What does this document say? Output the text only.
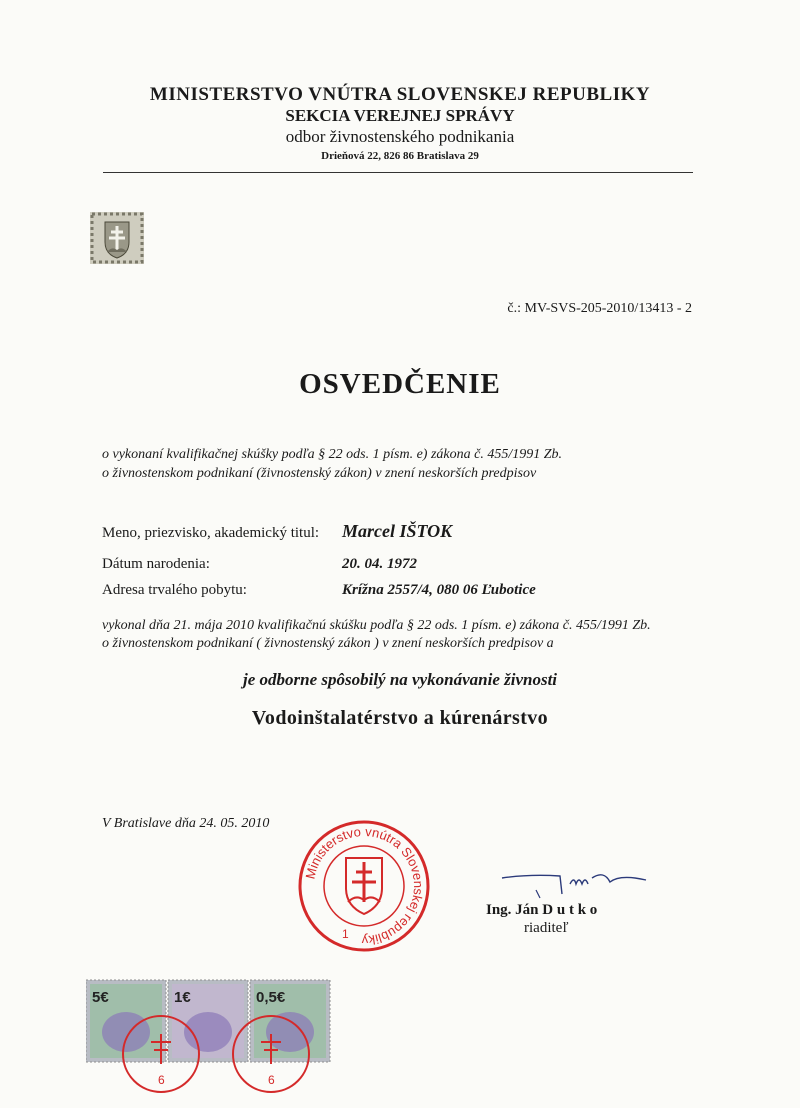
MINISTERSTVO VNÚTRA SLOVENSKEJ REPUBLIKY
SEKCIA VEREJNEJ SPRÁVY
odbor živnostenského podnikania
Drieňová 22, 826 86 Bratislava 29
č.: MV-SVS-205-2010/13413 - 2
OSVEDČENIE
o vykonaní kvalifikačnej skúšky podľa § 22 ods. 1 písm. e) zákona č. 455/1991 Zb.
o živnostenskom podnikaní (živnostenský zákon) v znení neskorších predpisov
Meno, priezvisko, akademický titul: Marcel IŠTOK
Dátum narodenia:	20. 04. 1972
Adresa trvalého pobytu:	Krížna 2557/4, 080 06 Ľubotice
vykonal dňa 21. mája 2010 kvalifikačnú skúšku podľa § 22 ods. 1 písm. e) zákona č. 455/1991 Zb.
o živnostenskom podnikaní ( živnostenský zákon ) v znení neskorších predpisov a
je odborne spôsobilý na vykonávanie živnosti
Vodoinštalatérstvo a kúrenárstvo
V Bratislave dňa 24. 05. 2010
Ministerstvo vnútra Slovenskej republiky
1
Ing. Ján D u t k o
riaditeľ
5€	1€	0,5€
6	6
